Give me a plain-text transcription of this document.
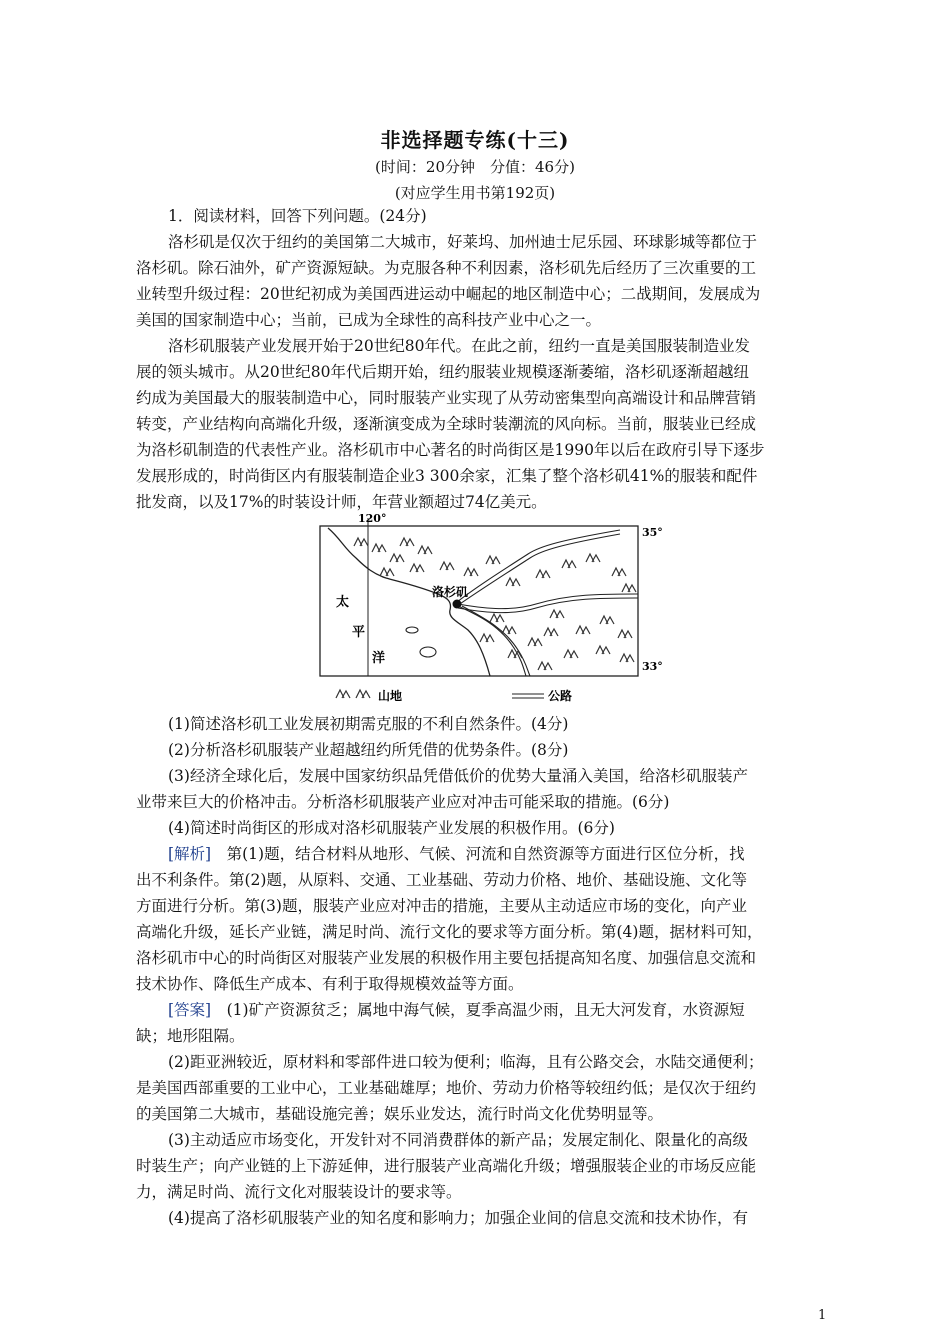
非选择题专练(十三)
(时间：20分钟　分值：46分)
(对应学生用书第192页)
1．阅读材料，回答下列问题。(24分)
洛杉矶是仅次于纽约的美国第二大城市，好莱坞、加州迪士尼乐园、环球影城等都位于
洛杉矶。除石油外，矿产资源短缺。为克服各种不利因素，洛杉矶先后经历了三次重要的工
业转型升级过程：20世纪初成为美国西进运动中崛起的地区制造中心；二战期间，发展成为
美国的国家制造中心；当前，已成为全球性的高科技产业中心之一。
洛杉矶服装产业发展开始于20世纪80年代。在此之前，纽约一直是美国服装制造业发
展的领头城市。从20世纪80年代后期开始，纽约服装业规模逐渐萎缩，洛杉矶逐渐超越纽
约成为美国最大的服装制造中心，同时服装产业实现了从劳动密集型向高端设计和品牌营销
转变，产业结构向高端化升级，逐渐演变成为全球时装潮流的风向标。当前，服装业已经成
为洛杉矶制造的代表性产业。洛杉矶市中心著名的时尚街区是1990年以后在政府引导下逐步
发展形成的，时尚街区内有服装制造企业3 300余家，汇集了整个洛杉矶41%的服装和配件
批发商，以及17%的时装设计师，年营业额超过74亿美元。
120°
35°
33°
洛杉矶
太
平
洋
山地	公路
(1)简述洛杉矶工业发展初期需克服的不利自然条件。(4分)
(2)分析洛杉矶服装产业超越纽约所凭借的优势条件。(8分)
(3)经济全球化后，发展中国家纺织品凭借低价的优势大量涌入美国，给洛杉矶服装产
业带来巨大的价格冲击。分析洛杉矶服装产业应对冲击可能采取的措施。(6分)
(4)简述时尚街区的形成对洛杉矶服装产业发展的积极作用。(6分)
[解析]　 第(1)题，结合材料从地形、气候、河流和自然资源等方面进行区位分析，找
出不利条件。第(2)题，从原料、交通、工业基础、劳动力价格、地价、基础设施、文化等
方面进行分析。第(3)题，服装产业应对冲击的措施，主要从主动适应市场的变化，向产业
高端化升级，延长产业链，满足时尚、流行文化的要求等方面分析。第(4)题，据材料可知，
洛杉矶市中心的时尚街区对服装产业发展的积极作用主要包括提高知名度、加强信息交流和
技术协作、降低生产成本、有利于取得规模效益等方面。
[答案]　 (1)矿产资源贫乏；属地中海气候，夏季高温少雨，且无大河发育，水资源短
缺；地形阻隔。
(2)距亚洲较近，原材料和零部件进口较为便利；临海，且有公路交会，水陆交通便利；
是美国西部重要的工业中心，工业基础雄厚；地价、劳动力价格等较纽约低；是仅次于纽约
的美国第二大城市，基础设施完善；娱乐业发达，流行时尚文化优势明显等。
(3)主动适应市场变化，开发针对不同消费群体的新产品；发展定制化、限量化的高级
时装生产；向产业链的上下游延伸，进行服装产业高端化升级；增强服装企业的市场反应能
力，满足时尚、流行文化对服装设计的要求等。
(4)提高了洛杉矶服装产业的知名度和影响力；加强企业间的信息交流和技术协作，有
1
